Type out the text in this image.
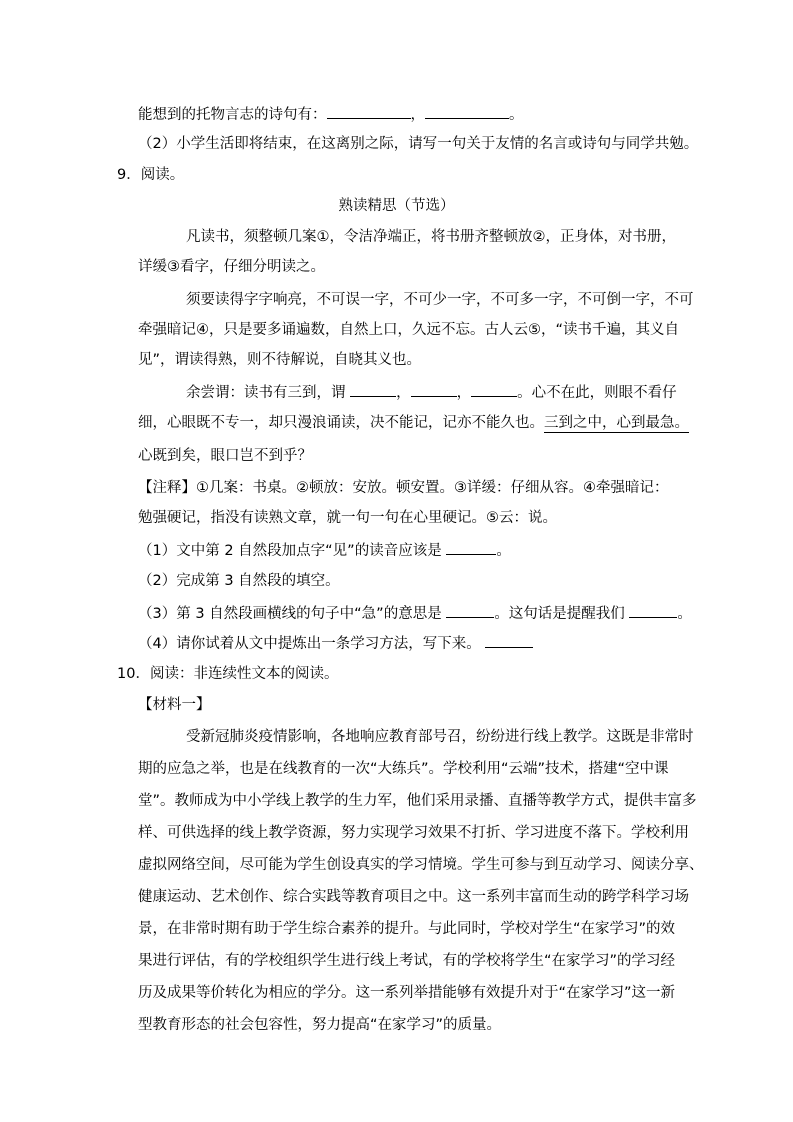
能想到的托物言志的诗句有：	，	。
（2）小学生活即将结束，在这离别之际，请写一句关于友情的名言或诗句与同学共勉。
9．阅读。
熟读精思（节选）
凡读书，须整顿几案①，令洁净端正，将书册齐整顿放②，正身体，对书册，
详缓③看字，仔细分明读之。
须要读得字字响亮，不可误一字，不可少一字，不可多一字，不可倒一字，不可
牵强暗记④，只是要多诵遍数，自然上口，久远不忘。古人云⑤，“读书千遍，其义自
见”，谓读得熟，则不待解说，自晓其义也。
余尝谓：读书有三到，谓	，	，	。心不在此，则眼不看仔
细，心眼既不专一，却只漫浪诵读，决不能记，记亦不能久也。三到之中，心到最急。
心既到矣，眼口岂不到乎？
【注释】①几案：书桌。②顿放：安放。顿安置。③详缓：仔细从容。④牵强暗记：
勉强硬记，指没有读熟文章，就一句一句在心里硬记。⑤云：说。
（1）文中第 2 自然段加点字“见”的读音应该是	。
（2）完成第 3 自然段的填空。
（3）第 3 自然段画横线的句子中“急”的意思是	。这句话是提醒我们	。
（4）请你试着从文中提炼出一条学习方法，写下来。
10．阅读：非连续性文本的阅读。
【材料一】
受新冠肺炎疫情影响，各地响应教育部号召，纷纷进行线上教学。这既是非常时
期的应急之举，也是在线教育的一次“大练兵”。学校利用“云端”技术，搭建“空中课
堂”。教师成为中小学线上教学的生力军，他们采用录播、直播等教学方式，提供丰富多
样、可供选择的线上教学资源，努力实现学习效果不打折、学习进度不落下。学校利用
虚拟网络空间，尽可能为学生创设真实的学习情境。学生可参与到互动学习、阅读分享、
健康运动、艺术创作、综合实践等教育项目之中。这一系列丰富而生动的跨学科学习场
景，在非常时期有助于学生综合素养的提升。与此同时，学校对学生“在家学习”的效
果进行评估，有的学校组织学生进行线上考试，有的学校将学生“在家学习”的学习经
历及成果等价转化为相应的学分。这一系列举措能够有效提升对于“在家学习”这一新
型教育形态的社会包容性，努力提高“在家学习”的质量。
